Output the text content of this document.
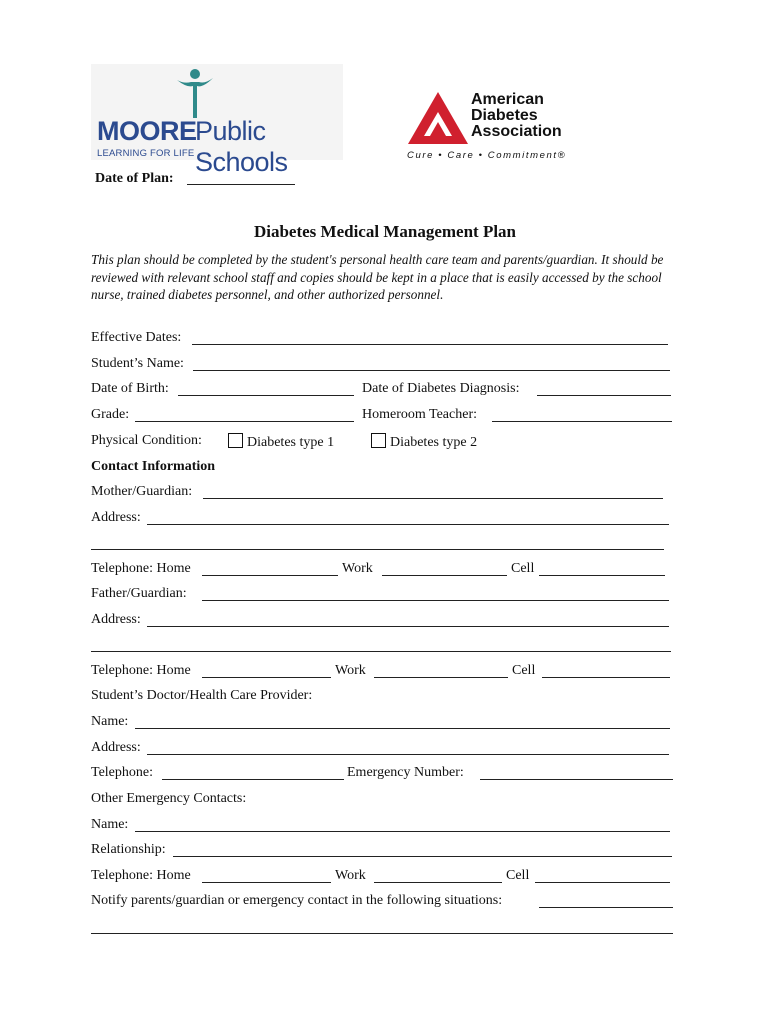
MOORE
Public Schools
LEARNING FOR LIFE
American
Diabetes
Association
Cure • Care • Commitment®
Date of Plan:
Diabetes Medical Management Plan
This plan should be completed by the student's personal health care team and parents/guardian. It should be reviewed with relevant school staff and copies should be kept in a place that is easily accessed by the school nurse, trained diabetes personnel, and other authorized personnel.
Effective Dates:
Student’s Name:
Date of Birth:	Date of Diabetes Diagnosis:
Grade:	Homeroom Teacher:
Physical Condition:	Diabetes type 1	Diabetes type 2
Contact Information
Mother/Guardian:
Address:
Telephone: Home	Work	Cell
Father/Guardian:
Address:
Telephone: Home	Work	Cell
Student’s Doctor/Health Care Provider:
Name:
Address:
Telephone:	Emergency Number:
Other Emergency Contacts:
Name:
Relationship:
Telephone: Home	Work	Cell
Notify parents/guardian or emergency contact in the following situations:
